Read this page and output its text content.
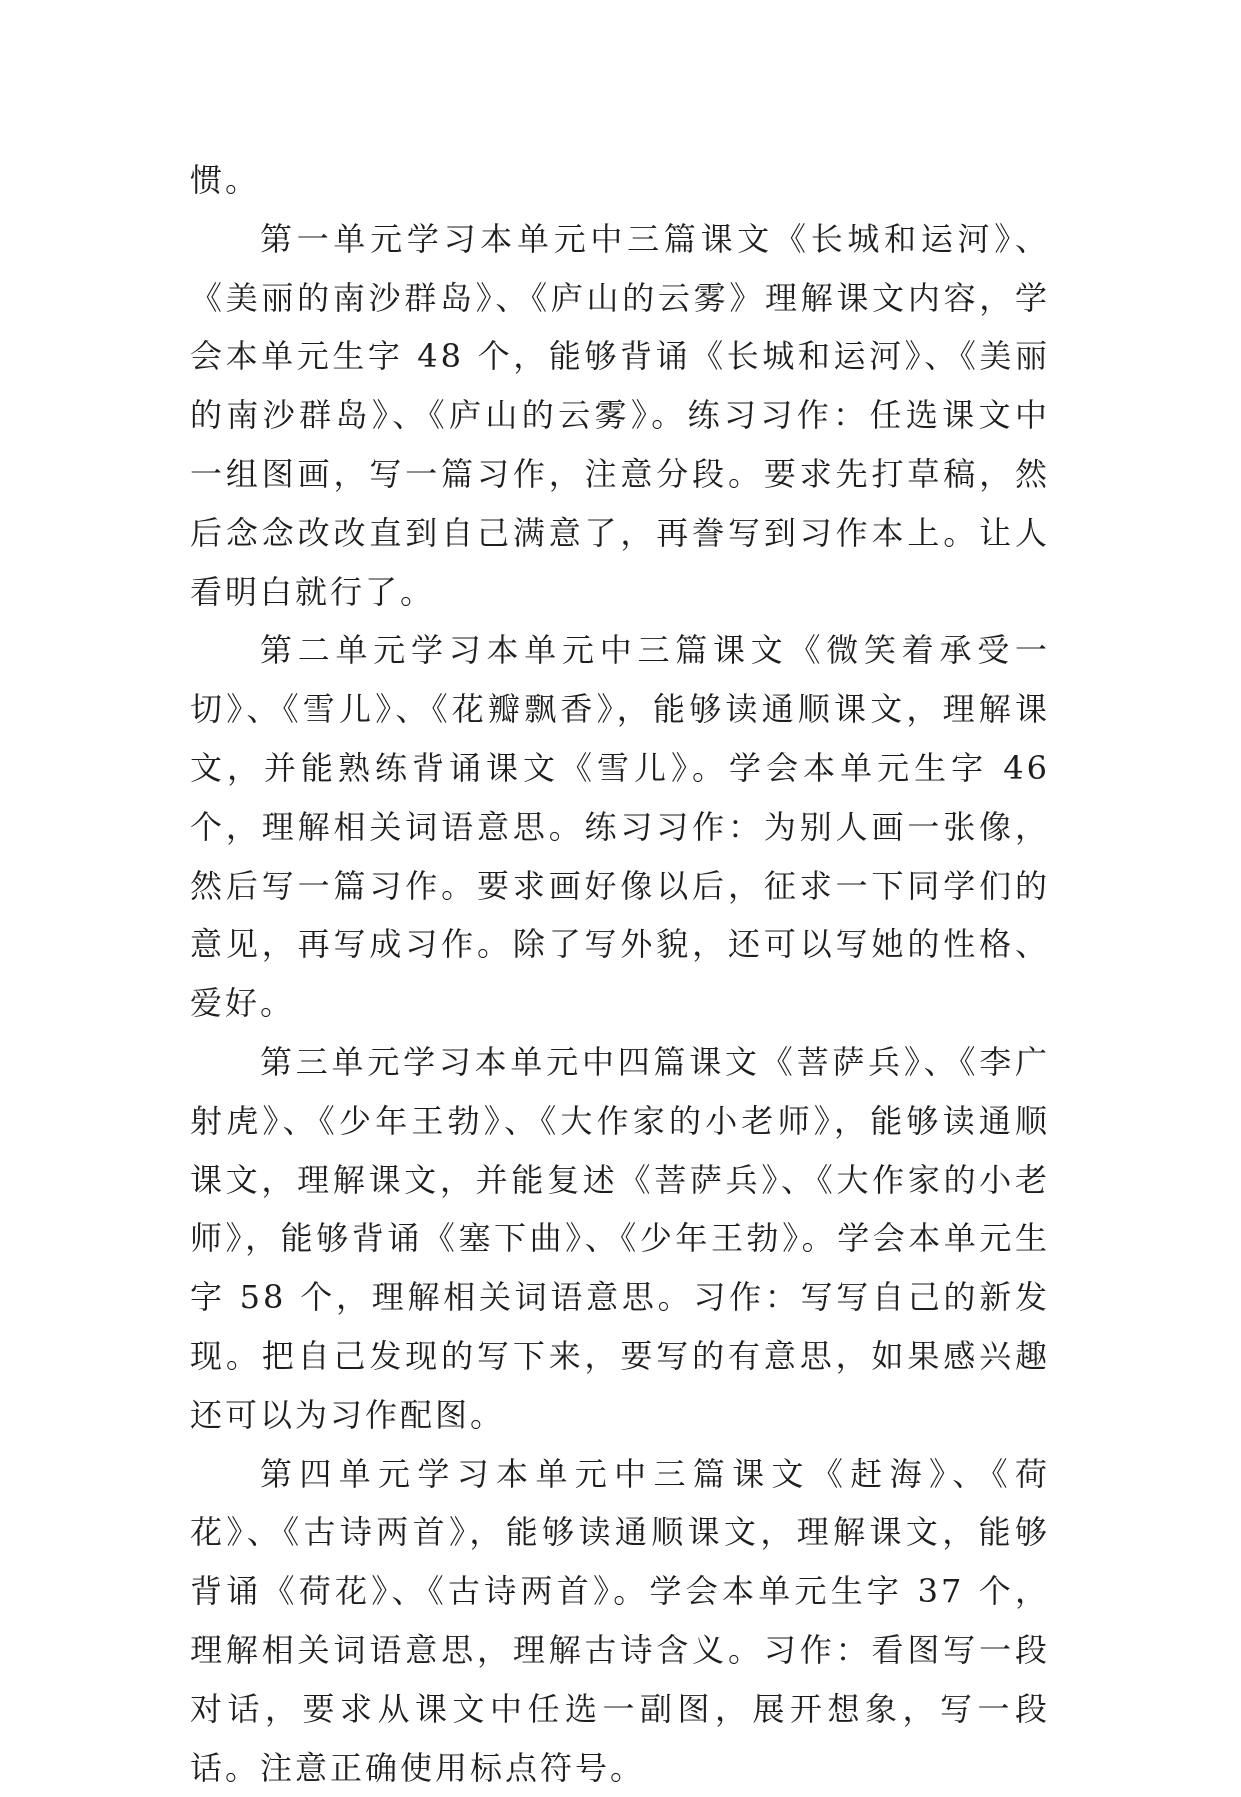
惯。

第一单元学习本单元中三篇课文《长城和运河》、《美丽的南沙群岛》、《庐山的云雾》理解课文内容，学会本单元生字 48 个，能够背诵《长城和运河》、《美丽的南沙群岛》、《庐山的云雾》。练习习作：任选课文中一组图画，写一篇习作，注意分段。要求先打草稿，然后念念改改直到自己满意了，再誊写到习作本上。让人看明白就行了。

第二单元学习本单元中三篇课文《微笑着承受一切》、《雪儿》、《花瓣飘香》，能够读通顺课文，理解课文，并能熟练背诵课文《雪儿》。学会本单元生字 46 个，理解相关词语意思。练习习作：为别人画一张像，然后写一篇习作。要求画好像以后，征求一下同学们的意见，再写成习作。除了写外貌，还可以写她的性格、爱好。

第三单元学习本单元中四篇课文《菩萨兵》、《李广射虎》、《少年王勃》、《大作家的小老师》，能够读通顺课文，理解课文，并能复述《菩萨兵》、《大作家的小老师》，能够背诵《塞下曲》、《少年王勃》。学会本单元生字 58 个，理解相关词语意思。习作：写写自己的新发现。把自己发现的写下来，要写的有意思，如果感兴趣还可以为习作配图。

第四单元学习本单元中三篇课文《赶海》、《荷花》、《古诗两首》，能够读通顺课文，理解课文，能够背诵《荷花》、《古诗两首》。学会本单元生字 37 个，理解相关词语意思，理解古诗含义。习作：看图写一段对话，要求从课文中任选一副图，展开想象，写一段话。注意正确使用标点符号。
